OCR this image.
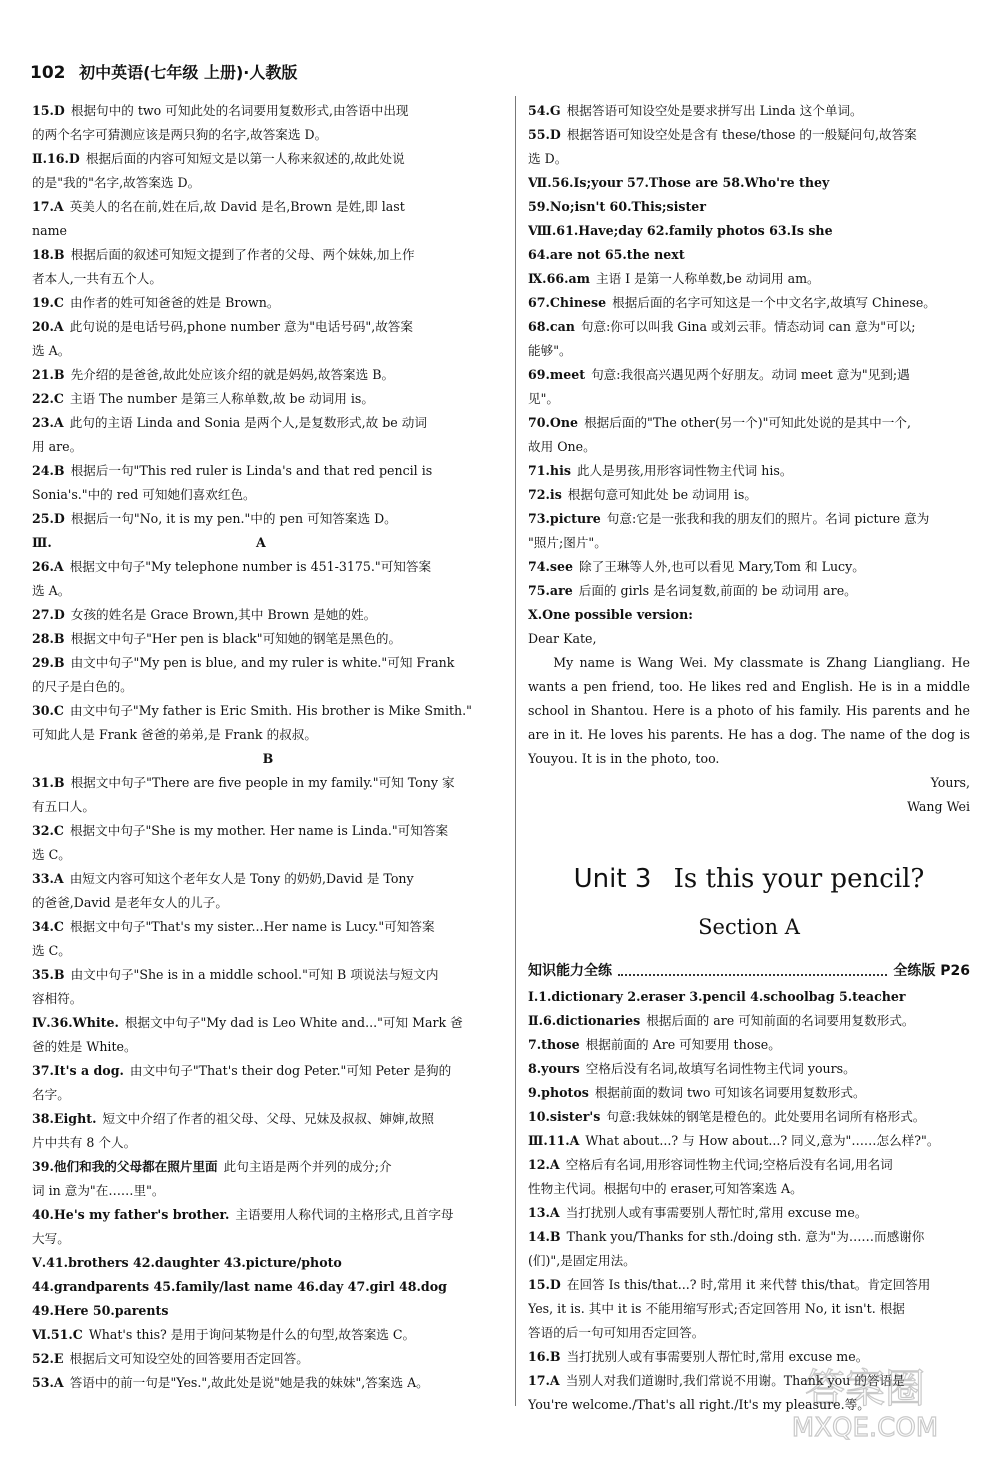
102 初中英语(七年级 上册)·人教版
15.D 根据句中的 two 可知此处的名词要用复数形式,由答语中出现
的两个名字可猜测应该是两只狗的名字,故答案选 D。
Ⅱ.16.D 根据后面的内容可知短文是以第一人称来叙述的,故此处说
的是"我的"名字,故答案选 D。
17.A 英美人的名在前,姓在后,故 David 是名,Brown 是姓,即 last
name
18.B 根据后面的叙述可知短文提到了作者的父母、两个妹妹,加上作
者本人,一共有五个人。
19.C 由作者的姓可知爸爸的姓是 Brown。
20.A 此句说的是电话号码,phone number 意为"电话号码",故答案
选 A。
21.B 先介绍的是爸爸,故此处应该介绍的就是妈妈,故答案选 B。
22.C 主语 The number 是第三人称单数,故 be 动词用 is。
23.A 此句的主语 Linda and Sonia 是两个人,是复数形式,故 be 动词
用 are。
24.B 根据后一句"This red ruler is Linda's and that red pencil is
Sonia's."中的 red 可知她们喜欢红色。
25.D 根据后一句"No, it is my pen."中的 pen 可知答案选 D。
Ⅲ.	A
26.A 根据文中句子"My telephone number is 451-3175."可知答案
选 A。
27.D 女孩的姓名是 Grace Brown,其中 Brown 是她的姓。
28.B 根据文中句子"Her pen is black"可知她的钢笔是黑色的。
29.B 由文中句子"My pen is blue, and my ruler is white."可知 Frank
的尺子是白色的。
30.C 由文中句子"My father is Eric Smith. His brother is Mike Smith."
可知此人是 Frank 爸爸的弟弟,是 Frank 的叔叔。
B
31.B 根据文中句子"There are five people in my family."可知 Tony 家
有五口人。
32.C 根据文中句子"She is my mother. Her name is Linda."可知答案
选 C。
33.A 由短文内容可知这个老年女人是 Tony 的奶奶,David 是 Tony
的爸爸,David 是老年女人的儿子。
34.C 根据文中句子"That's my sister...Her name is Lucy."可知答案
选 C。
35.B 由文中句子"She is in a middle school."可知 B 项说法与短文内
容相符。
Ⅳ.36.White. 根据文中句子"My dad is Leo White and..."可知 Mark 爸
爸的姓是 White。
37.It's a dog. 由文中句子"That's their dog Peter."可知 Peter 是狗的
名字。
38.Eight. 短文中介绍了作者的祖父母、父母、兄妹及叔叔、婶婶,故照
片中共有 8 个人。
39.他们和我的父母都在照片里面 此句主语是两个并列的成分;介
词 in 意为"在……里"。
40.He's my father's brother. 主语要用人称代词的主格形式,且首字母
大写。
Ⅴ.41.brothers 42.daughter 43.picture/photo
44.grandparents 45.family/last name 46.day 47.girl 48.dog
49.Here 50.parents
Ⅵ.51.C What's this? 是用于询问某物是什么的句型,故答案选 C。
52.E 根据后文可知设空处的回答要用否定回答。
53.A 答语中的前一句是"Yes.",故此处是说"她是我的妹妹",答案选 A。
54.G 根据答语可知设空处是要求拼写出 Linda 这个单词。
55.D 根据答语可知设空处是含有 these/those 的一般疑问句,故答案
选 D。
Ⅶ.56.Is;your 57.Those are 58.Who're they
59.No;isn't 60.This;sister
Ⅷ.61.Have;day 62.family photos 63.Is she
64.are not 65.the next
Ⅸ.66.am 主语 I 是第一人称单数,be 动词用 am。
67.Chinese 根据后面的名字可知这是一个中文名字,故填写 Chinese。
68.can 句意:你可以叫我 Gina 或刘云菲。情态动词 can 意为"可以;
能够"。
69.meet 句意:我很高兴遇见两个好朋友。动词 meet 意为"见到;遇
见"。
70.One 根据后面的"The other(另一个)"可知此处说的是其中一个,
故用 One。
71.his 此人是男孩,用形容词性物主代词 his。
72.is 根据句意可知此处 be 动词用 is。
73.picture 句意:它是一张我和我的朋友们的照片。名词 picture 意为
"照片;图片"。
74.see 除了王琳等人外,也可以看见 Mary,Tom 和 Lucy。
75.are 后面的 girls 是名词复数,前面的 be 动词用 are。
Ⅹ.One possible version:
Dear Kate,
My name is Wang Wei. My classmate is Zhang Liangliang. He wants a pen friend, too. He likes red and English. He is in a middle school in Shantou. Here is a photo of his family. His parents and he are in it. He loves his parents. He has a dog. The name of the dog is Youyou. It is in the photo, too.
Yours,
Wang Wei
Unit 3 Is this your pencil?
Section A
知识能力全练	全练版 P26
Ⅰ.1.dictionary 2.eraser 3.pencil 4.schoolbag 5.teacher
Ⅱ.6.dictionaries 根据后面的 are 可知前面的名词要用复数形式。
7.those 根据前面的 Are 可知要用 those。
8.yours 空格后没有名词,故填写名词性物主代词 yours。
9.photos 根据前面的数词 two 可知该名词要用复数形式。
10.sister's 句意:我妹妹的钢笔是橙色的。此处要用名词所有格形式。
Ⅲ.11.A What about...? 与 How about...? 同义,意为"……怎么样?"。
12.A 空格后有名词,用形容词性物主代词;空格后没有名词,用名词
性物主代词。根据句中的 eraser,可知答案选 A。
13.A 当打扰别人或有事需要别人帮忙时,常用 excuse me。
14.B Thank you/Thanks for sth./doing sth. 意为"为……而感谢你
(们)",是固定用法。
15.D 在回答 Is this/that...? 时,常用 it 来代替 this/that。肯定回答用
Yes, it is. 其中 it is 不能用缩写形式;否定回答用 No, it isn't. 根据
答语的后一句可知用否定回答。
16.B 当打扰别人或有事需要别人帮忙时,常用 excuse me。
17.A 当别人对我们道谢时,我们常说不用谢。Thank you 的答语是
You're welcome./That's all right./It's my pleasure.等。
答案圈
MXQE.COM
